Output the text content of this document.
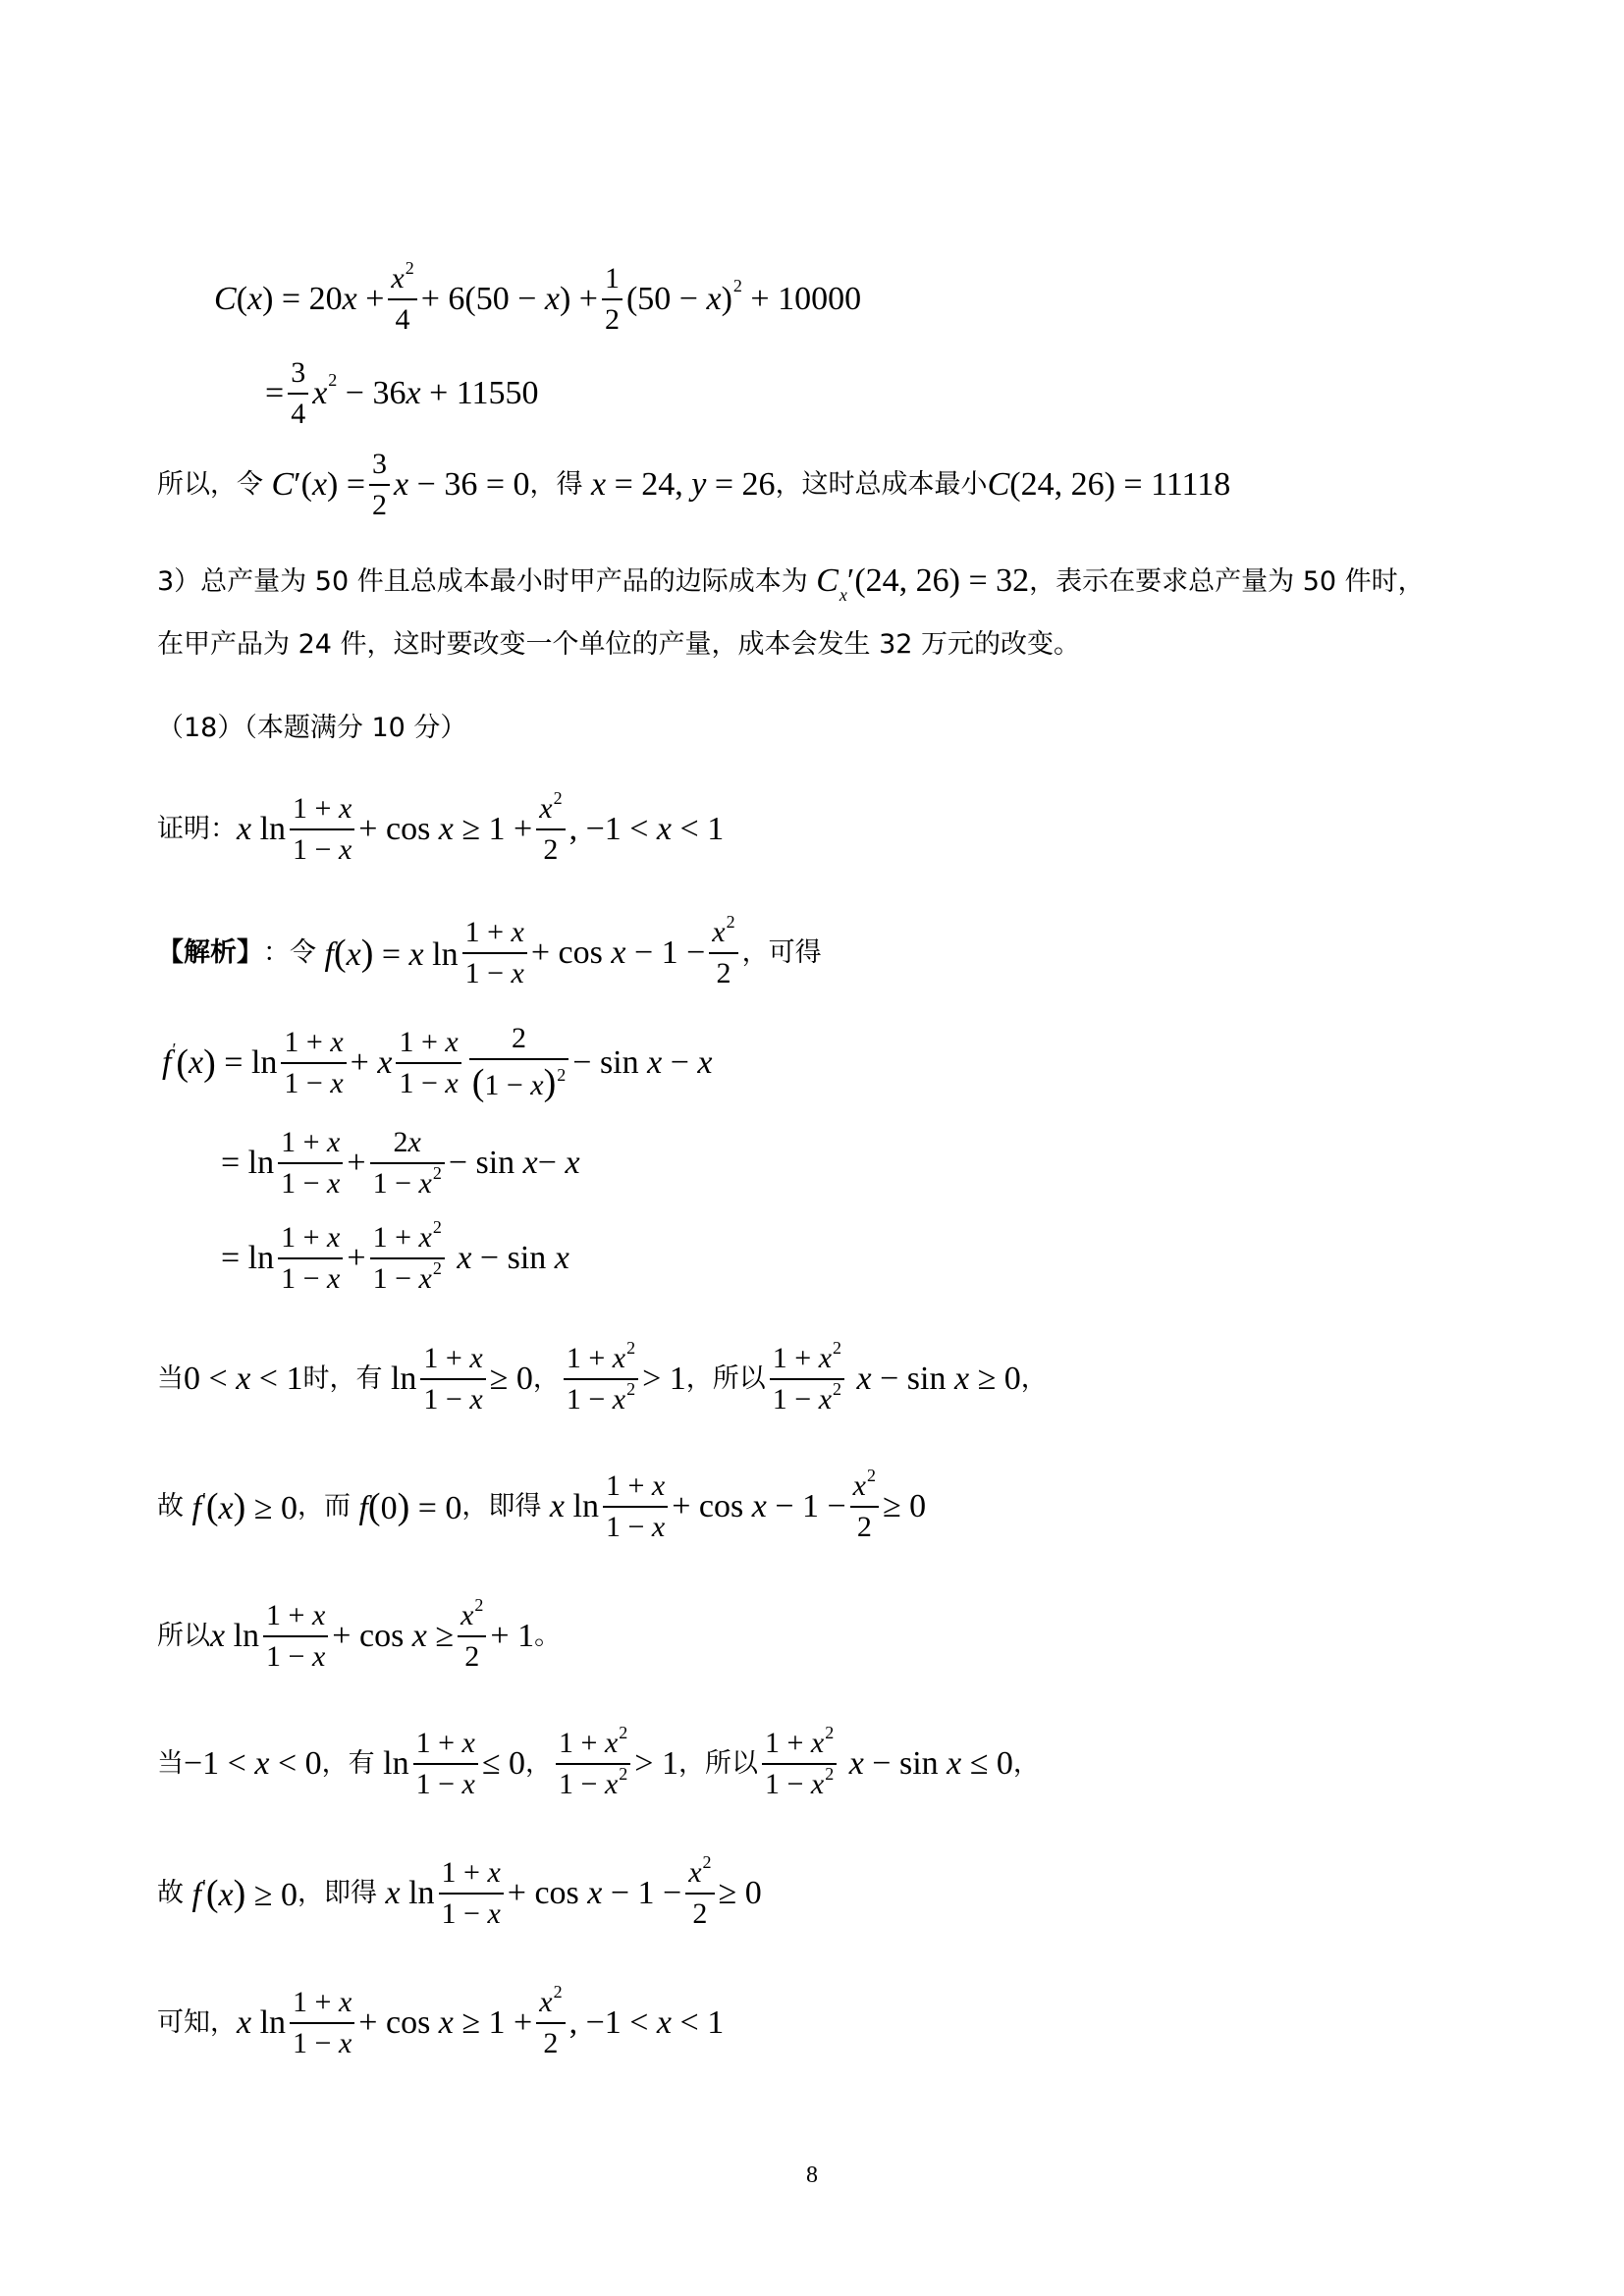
C ( x ) = 20 $x + \frac{x^2}{4} + 6(50 - x$ ) + $\frac{1}{2} (50 - x$ ) 2 + 10000
= $\frac{3}{4}$ x 2 − 36 x + 11550
所以，令 $C'(x) = \frac{3}{2}$ x − 36 = 0 ，得 x = 24, y = 26 ，这时总成本最小 C(24, 26) = 11118
3）总产量为 50 件且总成本最小时甲产品的边际成本为 $C_x'(24$, 26) = 32 ，表示在要求总产量为 50 件时，
在甲产品为 24 件，这时要改变一个单位的产量，成本会发生 32 万元的改变。
（18）（本题满分 10 分）
证明： x $\ln \frac{1 + x}{1 - x} + \cos x \ge 1 + \frac{x^2}{2}$ , −1 < x < 1
【解析】 ：令 f(x) = x $\ln \frac{1 + x}{1 - x} + \cos x - 1 - \frac{x^2}{2}$ ，可得
f ′ ( x ) = $\ln \frac{1 + x}{1 - x} + x \frac{1 + x}{1 - x} \frac{2}{(1 - x)^2} - \sin x - x$
= $\ln \frac{1 + x}{1 - x} + \frac{2x}{1 - x^2} - \sin x - x$
= $\ln \frac{1 + x}{1 - x} + \frac{1 + x^2}{1 - x^2}$
x − sin x
当 0 < x < 1 时，有 $\ln \frac{1 + x}{1 - x} \ge 0$ ， $\frac{1 + x^2}{1 - x^2} > 1$ ， 所以 $\frac{1 + x^2}{1 - x^2}$ x − sin x ≥ 0 ，
故 f′(x) ≥ 0 ，而 f(0) = 0 ，即得 x $\ln \frac{1 + x}{1 - x} + \cos x - 1 - \frac{x^2}{2} \ge 0$
所以 x $\ln \frac{1 + x}{1 - x} + \cos x \ge \frac{x^2}{2} + 1$ 。
当 −1 < x < 0 ，有 $\ln \frac{1 + x}{1 - x} \le 0$ ， $\frac{1 + x^2}{1 - x^2} > 1$ ， 所以 $\frac{1 + x^2}{1 - x^2}$ x − sin x ≤ 0 ，
故 f′(x) ≥ 0 ，即得 x $\ln \frac{1 + x}{1 - x} + \cos x - 1 - \frac{x^2}{2} \ge 0$
可知， x $\ln \frac{1 + x}{1 - x} + \cos x \ge 1 + \frac{x^2}{2}$ , −1 < x < 1
8
